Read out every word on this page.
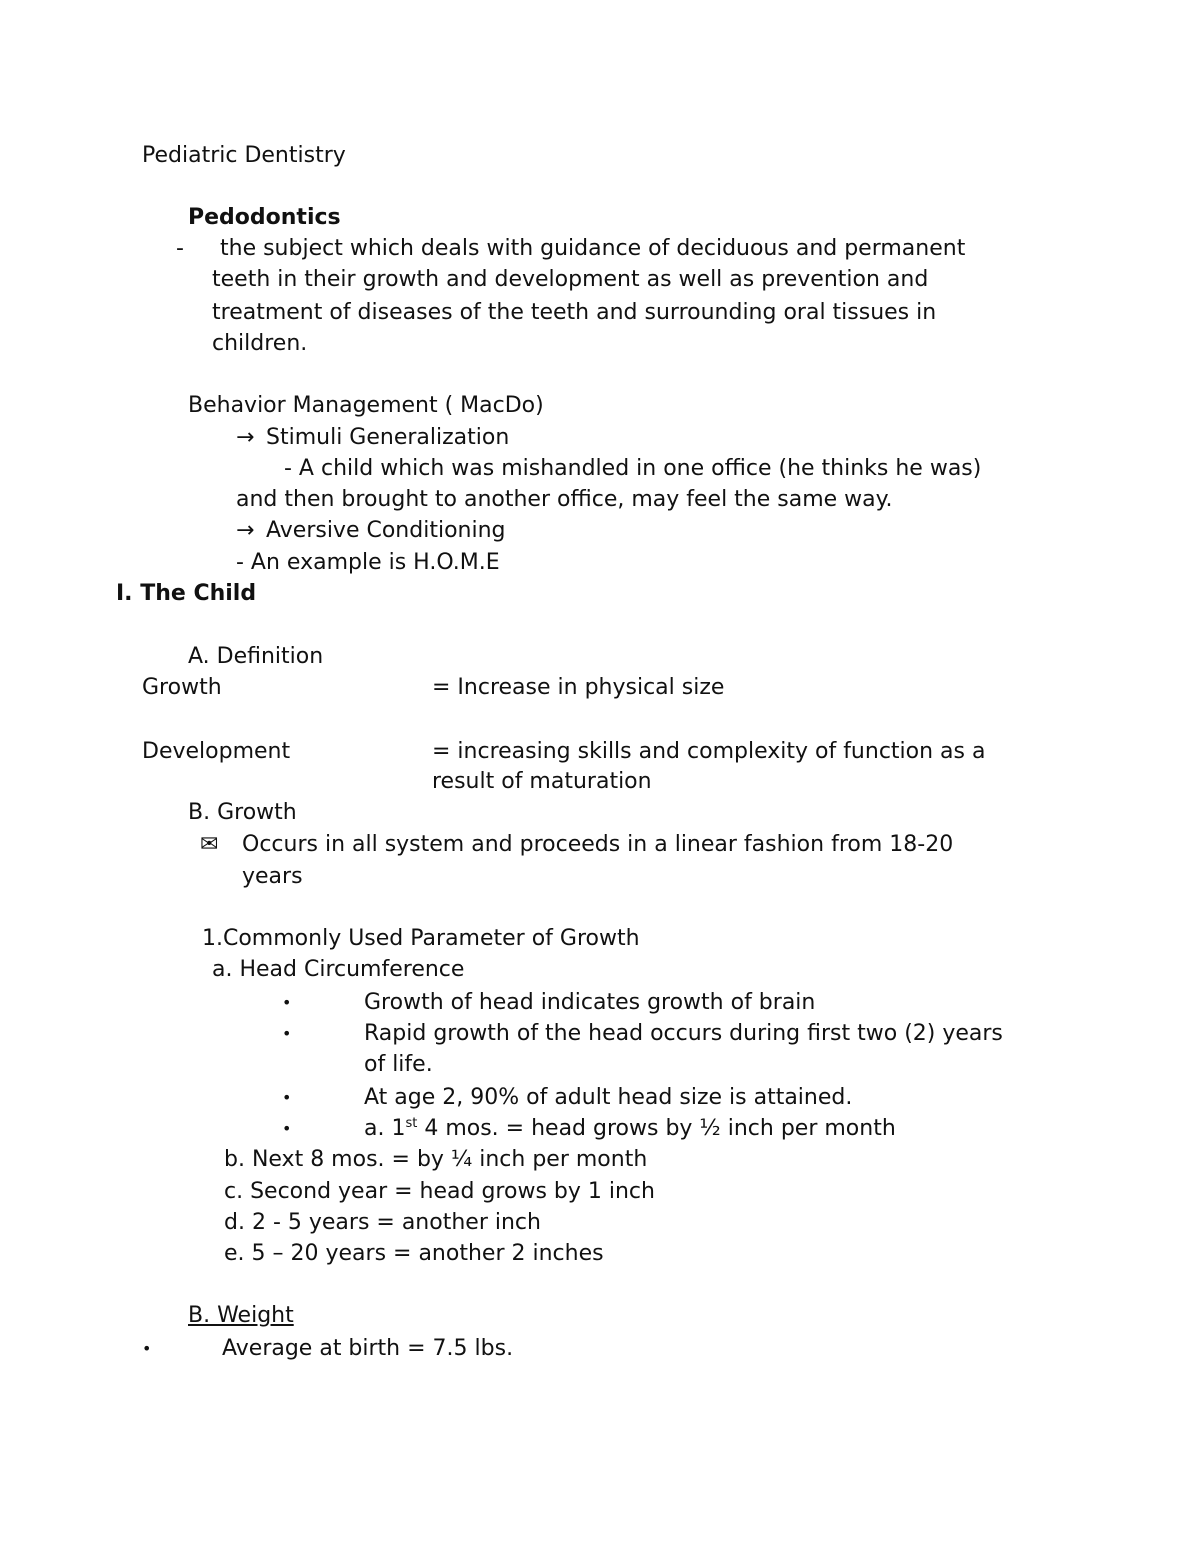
Pediatric Dentistry
Pedodontics
- the subject which deals with guidance of deciduous and permanent
teeth in their growth and development as well as prevention and
treatment of diseases of the teeth and surrounding oral tissues in
children.
Behavior Management ( MacDo)
→ Stimuli Generalization
- A child which was mishandled in one office (he thinks he was)
and then brought to another office, may feel the same way.
→ Aversive Conditioning
- An example is H.O.M.E
I. The Child
A. Definition
Growth	= Increase in physical size
Development	= increasing skills and complexity of function as a
result of maturation
B. Growth
✉ Occurs in all system and proceeds in a linear fashion from 18-20
years
1.Commonly Used Parameter of Growth
a. Head Circumference
•	Growth of head indicates growth of brain
•	Rapid growth of the head occurs during first two (2) years
of life.
•	At age 2, 90% of adult head size is attained.
•	a. 1st 4 mos. = head grows by ½ inch per month
b. Next 8 mos. = by ¼ inch per month
c. Second year = head grows by 1 inch
d. 2 - 5 years = another inch
e. 5 – 20 years = another 2 inches
B. Weight
•	Average at birth = 7.5 lbs.
